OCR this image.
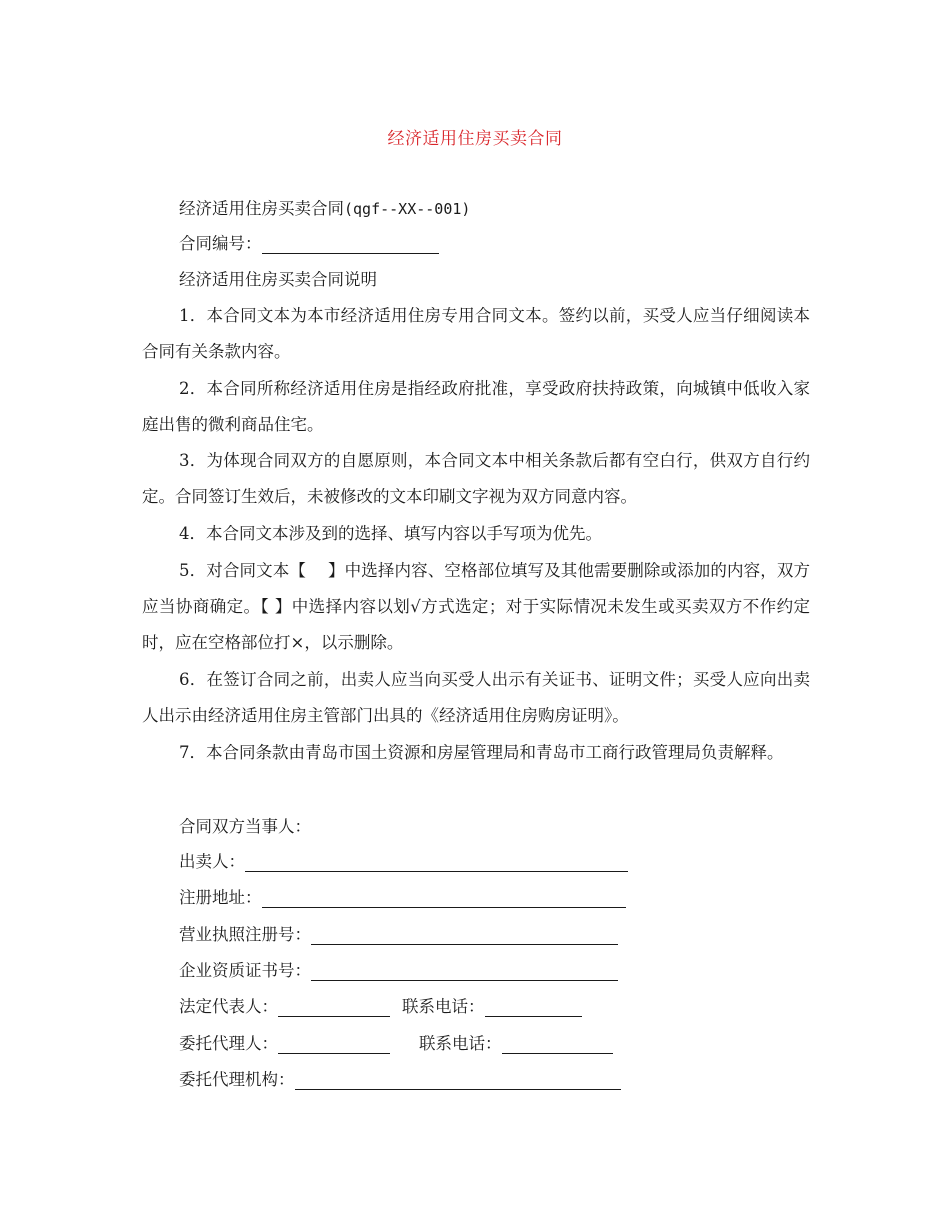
经济适用住房买卖合同
经济适用住房买卖合同(qgf--XX--001)
合同编号：
经济适用住房买卖合同说明
1．本合同文本为本市经济适用住房专用合同文本。签约以前，买受人应当仔细阅读本合同有关条款内容。
2．本合同所称经济适用住房是指经政府批准，享受政府扶持政策，向城镇中低收入家庭出售的微利商品住宅。
3．为体现合同双方的自愿原则，本合同文本中相关条款后都有空白行，供双方自行约定。合同签订生效后，未被修改的文本印刷文字视为双方同意内容。
4．本合同文本涉及到的选择、填写内容以手写项为优先。
5．对合同文本【　 】中选择内容、空格部位填写及其他需要删除或添加的内容，双方应当协商确定。【 】中选择内容以划√方式选定；对于实际情况未发生或买卖双方不作约定时，应在空格部位打×，以示删除。
6．在签订合同之前，出卖人应当向买受人出示有关证书、证明文件；买受人应向出卖人出示由经济适用住房主管部门出具的《经济适用住房购房证明》。
7．本合同条款由青岛市国土资源和房屋管理局和青岛市工商行政管理局负责解释。
合同双方当事人：
出卖人：
注册地址：
营业执照注册号：
企业资质证书号：
法定代表人：	联系电话：
委托代理人：	联系电话：
委托代理机构：
